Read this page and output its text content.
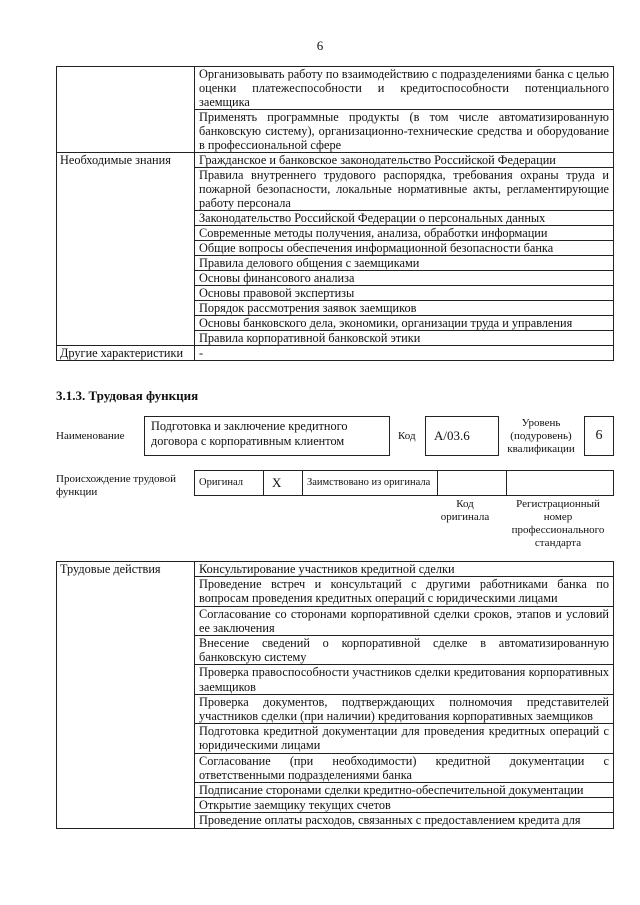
6
	Организовывать работу по взаимодействию с подразделениями банка с целью оценки платежеспособности и кредитоспособности потенциального заемщика
	Применять программные продукты (в том числе автоматизированную банковскую систему), организационно-технические средства и оборудование в профессиональной сфере
Необходимые знания	Гражданское и банковское законодательство Российской Федерации
	Правила внутреннего трудового распорядка, требования охраны труда и пожарной безопасности, локальные нормативные акты, регламентирующие работу персонала
	Законодательство Российской Федерации о персональных данных
	Современные методы получения, анализа, обработки информации
	Общие вопросы обеспечения информационной безопасности банка
	Правила делового общения с заемщиками
	Основы финансового анализа
	Основы правовой экспертизы
	Порядок рассмотрения заявок заемщиков
	Основы банковского дела, экономики, организации труда и управления
	Правила корпоративной банковской этики
Другие характеристики	-
3.1.3. Трудовая функция
Наименование
Подготовка и заключение кредитного договора с корпоративным клиентом	Код	А/03.6
Уровень (подуровень) квалификации
6
Происхождение трудовой функции
Оригинал	X	Заимствовано из оригинала		
Код оригинала
Регистрационный номер профессионального стандарта
Трудовые действия	Консультирование участников кредитной сделки
Проведение встреч и консультаций с другими работниками банка по вопросам проведения кредитных операций с юридическими лицами
Согласование со сторонами корпоративной сделки сроков, этапов и условий ее заключения
Внесение сведений о корпоративной сделке в автоматизированную банковскую систему
Проверка правоспособности участников сделки кредитования корпоративных заемщиков
Проверка документов, подтверждающих полномочия представителей участников сделки (при наличии) кредитования корпоративных заемщиков
Подготовка кредитной документации для проведения кредитных операций с юридическими лицами
Согласование (при необходимости) кредитной документации с ответственными подразделениями банка
Подписание сторонами сделки кредитно-обеспечительной документации
Открытие заемщику текущих счетов
Проведение оплаты расходов, связанных с предоставлением кредита для
